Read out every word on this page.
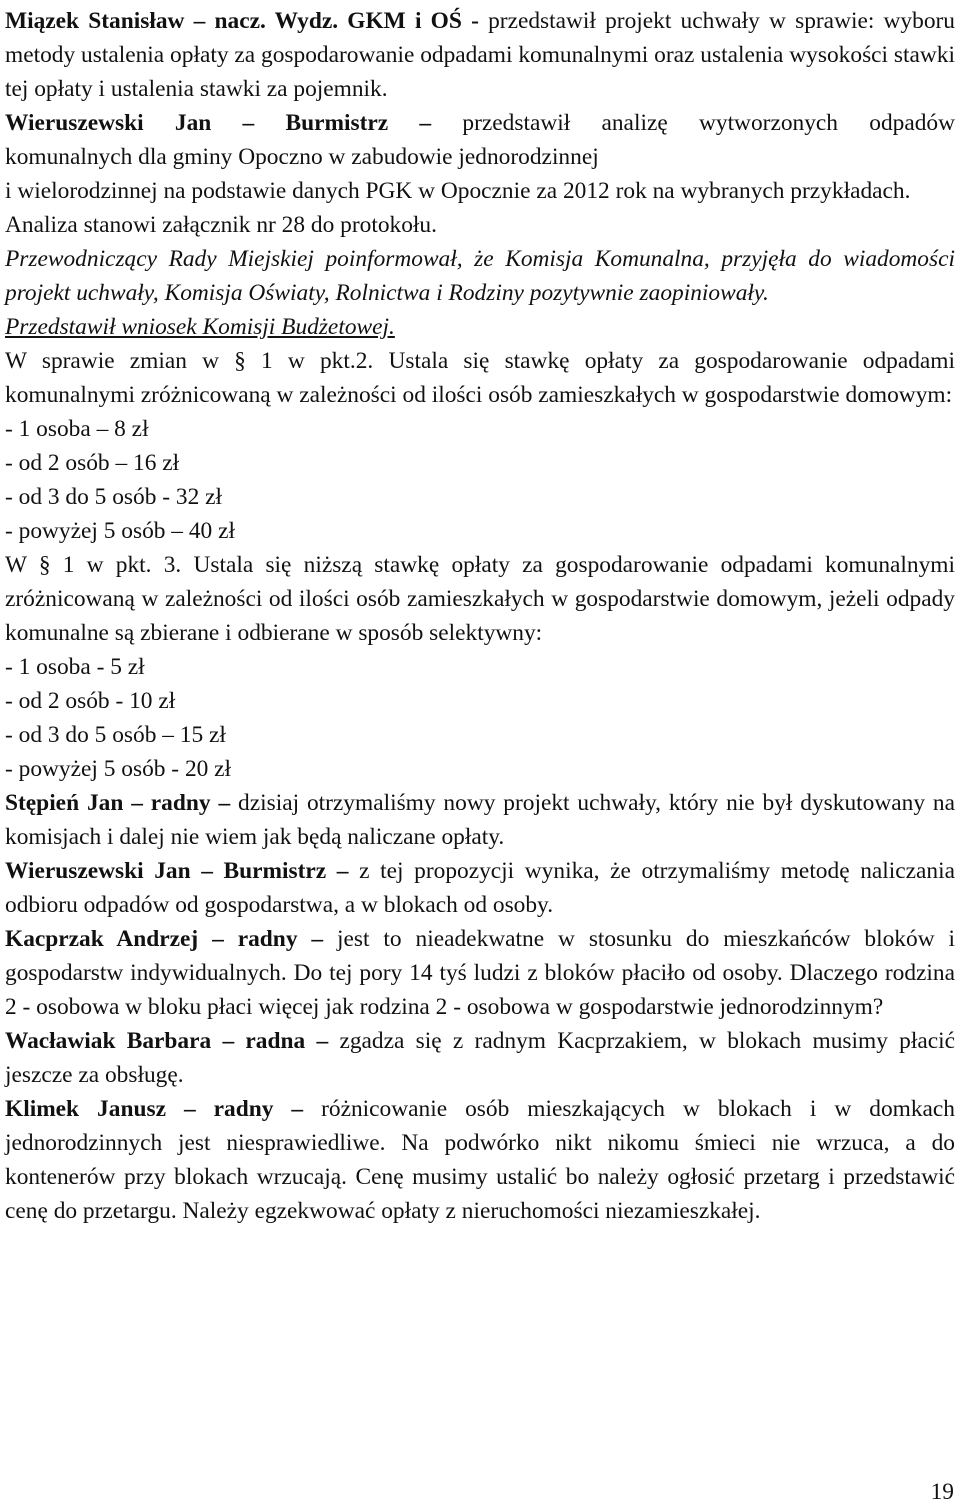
Miązek Stanisław – nacz. Wydz. GKM i OŚ - przedstawił projekt uchwały w sprawie: wyboru metody ustalenia opłaty za gospodarowanie odpadami komunalnymi oraz ustalenia wysokości stawki tej opłaty i ustalenia stawki za pojemnik.

Wieruszewski Jan – Burmistrz – przedstawił analizę wytworzonych odpadów
komunalnych dla gminy Opoczno w zabudowie jednorodzinnej

i wielorodzinnej na podstawie danych PGK w Opocznie za 2012 rok na wybranych przykładach.

Analiza stanowi załącznik nr 28 do protokołu.

Przewodniczący Rady Miejskiej poinformował, że Komisja Komunalna, przyjęła do wiadomości projekt uchwały, Komisja Oświaty, Rolnictwa i Rodziny pozytywnie zaopiniowały.

Przedstawił wniosek Komisji Budżetowej.

W sprawie zmian w § 1 w pkt.2. Ustala się stawkę opłaty za gospodarowanie odpadami komunalnymi zróżnicowaną w zależności od ilości osób zamieszkałych w gospodarstwie domowym:

- 1 osoba – 8 zł
- od 2 osób – 16 zł
- od 3 do 5 osób - 32 zł
- powyżej 5 osób – 40 zł

W § 1 w pkt. 3. Ustala się niższą stawkę opłaty za gospodarowanie odpadami komunalnymi zróżnicowaną w zależności od ilości osób zamieszkałych w gospodarstwie domowym, jeżeli odpady komunalne są zbierane i odbierane w sposób selektywny:

- 1 osoba - 5 zł
- od 2 osób - 10 zł
- od 3 do 5 osób – 15 zł
- powyżej 5 osób - 20 zł

Stępień Jan – radny – dzisiaj otrzymaliśmy nowy projekt uchwały, który nie był dyskutowany na komisjach i dalej nie wiem jak będą naliczane opłaty.

Wieruszewski Jan – Burmistrz – z tej propozycji wynika, że otrzymaliśmy metodę naliczania odbioru odpadów od gospodarstwa, a w blokach od osoby.

Kacprzak Andrzej – radny – jest to nieadekwatne w stosunku do mieszkańców bloków i gospodarstw indywidualnych. Do tej pory 14 tyś ludzi z bloków płaciło od osoby. Dlaczego rodzina 2 - osobowa w bloku płaci więcej jak rodzina 2 - osobowa w gospodarstwie jednorodzinnym?

Wacławiak Barbara – radna – zgadza się z radnym Kacprzakiem, w blokach musimy płacić jeszcze za obsługę.

Klimek Janusz – radny – różnicowanie osób mieszkających w blokach i w domkach jednorodzinnych jest niesprawiedliwe. Na podwórko nikt nikomu śmieci nie wrzuca, a do kontenerów przy blokach wrzucają. Cenę musimy ustalić bo należy ogłosić przetarg i przedstawić cenę do przetargu. Należy egzekwować opłaty z nieruchomości niezamieszkałej.

19
